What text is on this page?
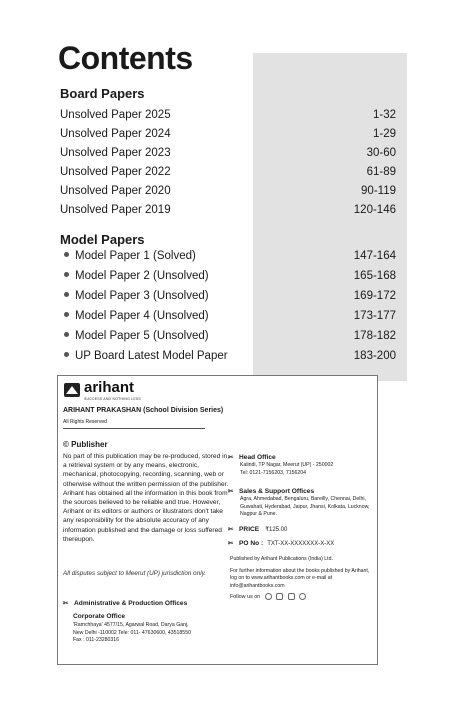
Contents
Board Papers
Unsolved Paper 2025	1-32
Unsolved Paper 2024	1-29
Unsolved Paper 2023	30-60
Unsolved Paper 2022	61-89
Unsolved Paper 2020	90-119
Unsolved Paper 2019	120-146
Model Papers
Model Paper 1 (Solved)	147-164
Model Paper 2 (Unsolved)	165-168
Model Paper 3 (Unsolved)	169-172
Model Paper 4 (Unsolved)	173-177
Model Paper 5 (Unsolved)	178-182
UP Board Latest Model Paper	183-200
arihant
SUCCESS AND NOTHING LESS
ARIHANT PRAKASHAN (School Division Series)
All Rights Reserved
© Publisher

No part of this publication may be re-produced, stored in a retrieval system or by any means, electronic, mechanical, photocopying, recording, scanning, web or otherwise without the written permission of the publisher. Arihant has obtained all the information in this book from the sources believed to be reliable and true. However, Arihant or its editors or authors or illustrators don't take any responsibility for the absolute accuracy of any information published and the damage or loss suffered thereupon.

All disputes subject to Meerut (UP) jurisdiction only.

✄ Administrative & Production Offices
Corporate Office
'Ramchhaya' 4577/15, Agarwal Road, Darya Ganj,
New Delhi -110002 Tele: 011- 47630600, 43518550
Fax : 011-23280316
✄ Head Office
Kalindi, TP Nagar, Meerut (UP) - 250002
Tel: 0121-7156203, 7156204
✄ Sales & Support Offices
Agra, Ahmedabad, Bengaluru, Bareilly, Chennai, Delhi, Guwahati, Hyderabad, Jaipur, Jhansi, Kolkata, Lucknow, Nagpur & Pune.
✄ PRICE ₹125.00
✄ PO No : TXT-XX-XXXXXXX-X-XX
Published by Arihant Publications (India) Ltd.
For further information about the books published by Arihant, log on to www.arihantbooks.com or e-mail at info@arihantbooks.com
Follow us on
